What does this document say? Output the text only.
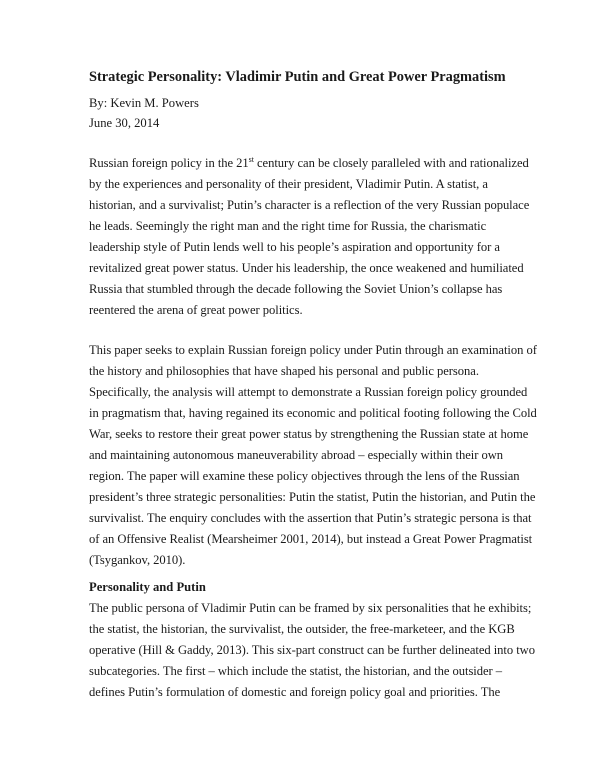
Strategic Personality: Vladimir Putin and Great Power Pragmatism
By: Kevin M. Powers
June 30, 2014
Russian foreign policy in the 21st century can be closely paralleled with and rationalized
by the experiences and personality of their president, Vladimir Putin. A statist, a
historian, and a survivalist; Putin’s character is a reflection of the very Russian populace
he leads. Seemingly the right man and the right time for Russia, the charismatic
leadership style of Putin lends well to his people’s aspiration and opportunity for a
revitalized great power status. Under his leadership, the once weakened and humiliated
Russia that stumbled through the decade following the Soviet Union’s collapse has
reentered the arena of great power politics.
This paper seeks to explain Russian foreign policy under Putin through an examination of
the history and philosophies that have shaped his personal and public persona.
Specifically, the analysis will attempt to demonstrate a Russian foreign policy grounded
in pragmatism that, having regained its economic and political footing following the Cold
War, seeks to restore their great power status by strengthening the Russian state at home
and maintaining autonomous maneuverability abroad – especially within their own
region. The paper will examine these policy objectives through the lens of the Russian
president’s three strategic personalities: Putin the statist, Putin the historian, and Putin the
survivalist. The enquiry concludes with the assertion that Putin’s strategic persona is that
of an Offensive Realist (Mearsheimer 2001, 2014), but instead a Great Power Pragmatist
(Tsygankov, 2010).
Personality and Putin
The public persona of Vladimir Putin can be framed by six personalities that he exhibits;
the statist, the historian, the survivalist, the outsider, the free-marketeer, and the KGB
operative (Hill & Gaddy, 2013). This six-part construct can be further delineated into two
subcategories. The first – which include the statist, the historian, and the outsider –
defines Putin’s formulation of domestic and foreign policy goal and priorities. The
